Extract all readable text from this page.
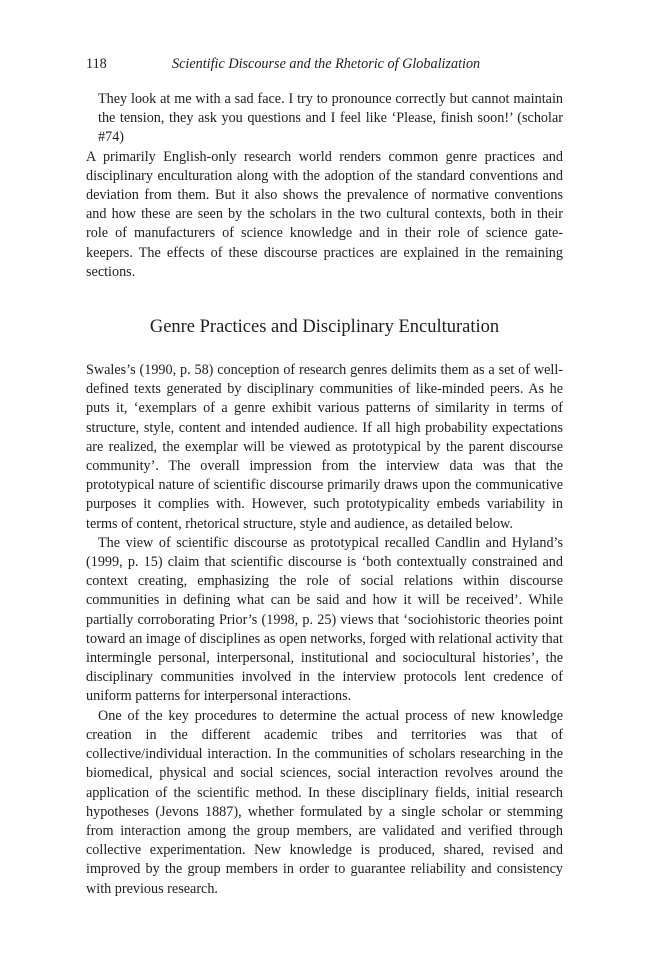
118	Scientific Discourse and the Rhetoric of Globalization
They look at me with a sad face. I try to pronounce correctly but cannot maintain the tension, they ask you questions and I feel like ‘Please, finish soon!’ (scholar #74)

A primarily English-only research world renders common genre practices and disciplinary enculturation along with the adoption of the standard conventions and deviation from them. But it also shows the prevalence of normative conventions and how these are seen by the scholars in the two cultural contexts, both in their role of manufacturers of science knowledge and in their role of science gate-keepers. The effects of these discourse practices are explained in the remaining sections.

Genre Practices and Disciplinary Enculturation

Swales’s (1990, p. 58) conception of research genres delimits them as a set of well-defined texts generated by disciplinary communities of like-minded peers. As he puts it, ‘exemplars of a genre exhibit various patterns of similarity in terms of structure, style, content and intended audience. If all high probability expectations are realized, the exemplar will be viewed as prototypical by the parent discourse community’. The overall impression from the interview data was that the prototypical nature of scientific discourse primarily draws upon the communicative purposes it complies with. However, such prototypicality embeds variability in terms of content, rhetorical structure, style and audience, as detailed below.

The view of scientific discourse as prototypical recalled Candlin and Hyland’s (1999, p. 15) claim that scientific discourse is ‘both contextually constrained and context creating, emphasizing the role of social relations within discourse communities in defining what can be said and how it will be received’. While partially corroborating Prior’s (1998, p. 25) views that ‘sociohistoric theories point toward an image of disciplines as open networks, forged with relational activity that intermingle personal, interpersonal, institutional and sociocultural histories’, the disciplinary communities involved in the interview protocols lent credence of uniform patterns for interpersonal interactions.

One of the key procedures to determine the actual process of new knowledge creation in the different academic tribes and territories was that of collective/individual interaction. In the communities of scholars researching in the biomedical, physical and social sciences, social interaction revolves around the application of the scientific method. In these disciplinary fields, initial research hypotheses (Jevons 1887), whether formulated by a single scholar or stemming from interaction among the group members, are validated and verified through collective experimentation. New knowledge is produced, shared, revised and improved by the group members in order to guarantee reliability and consistency with previous research.
